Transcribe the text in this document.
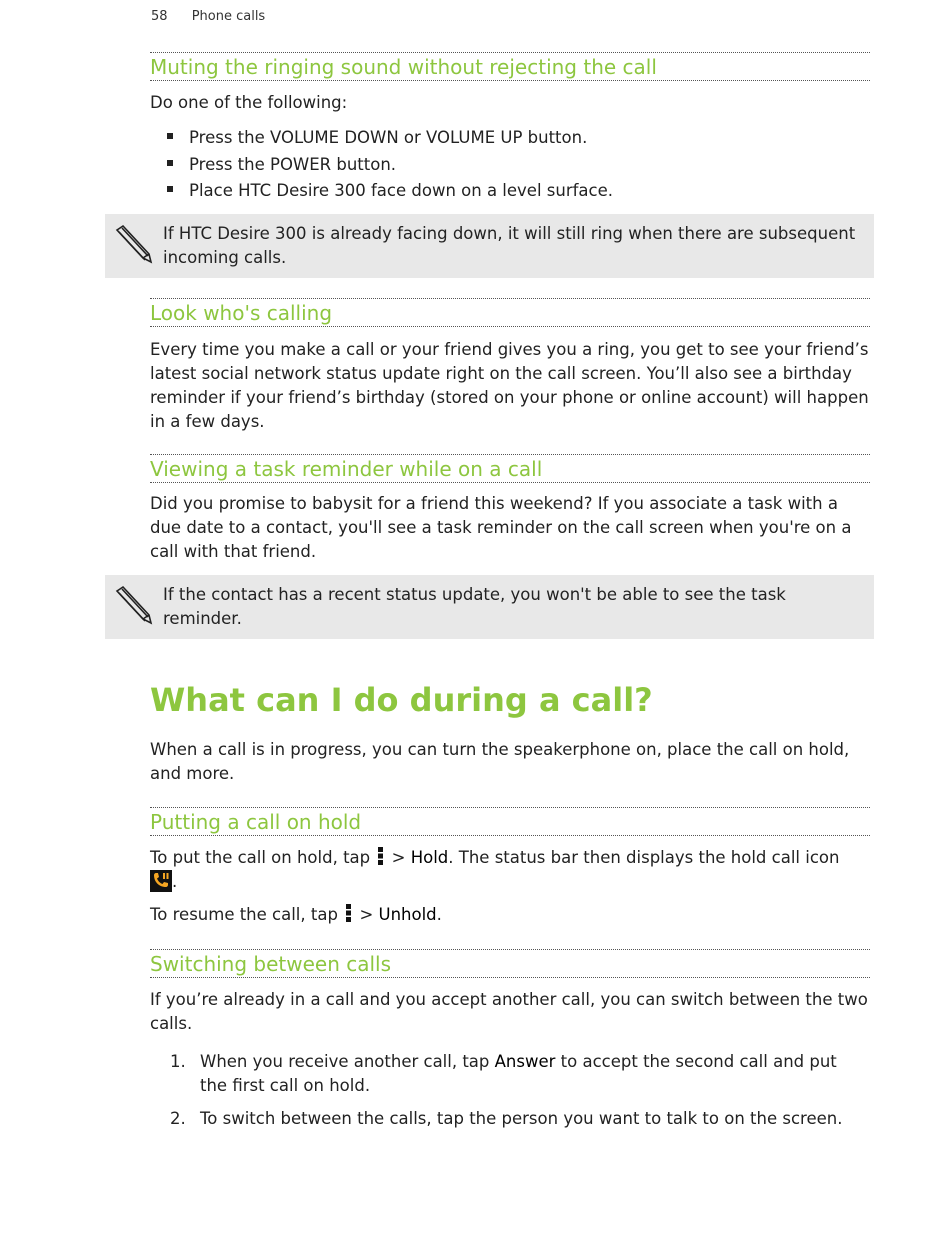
58 Phone calls
Muting the ringing sound without rejecting the call
Do one of the following:
Press the VOLUME DOWN or VOLUME UP button.
Press the POWER button.
Place HTC Desire 300 face down on a level surface.
If HTC Desire 300 is already facing down, it will still ring when there are subsequent incoming calls.
Look who's calling
Every time you make a call or your friend gives you a ring, you get to see your friend’s latest social network status update right on the call screen. You’ll also see a birthday reminder if your friend’s birthday (stored on your phone or online account) will happen in a few days.
Viewing a task reminder while on a call
Did you promise to babysit for a friend this weekend? If you associate a task with a due date to a contact, you'll see a task reminder on the call screen when you're on a call with that friend.
If the contact has a recent status update, you won't be able to see the task reminder.
What can I do during a call?
When a call is in progress, you can turn the speakerphone on, place the call on hold, and more.
Putting a call on hold
To put the call on hold, tap > Hold. The status bar then displays the hold call icon
.
To resume the call, tap > Unhold.
Switching between calls
If you’re already in a call and you accept another call, you can switch between the two calls.
1. When you receive another call, tap Answer to accept the second call and put the first call on hold.
2. To switch between the calls, tap the person you want to talk to on the screen.
